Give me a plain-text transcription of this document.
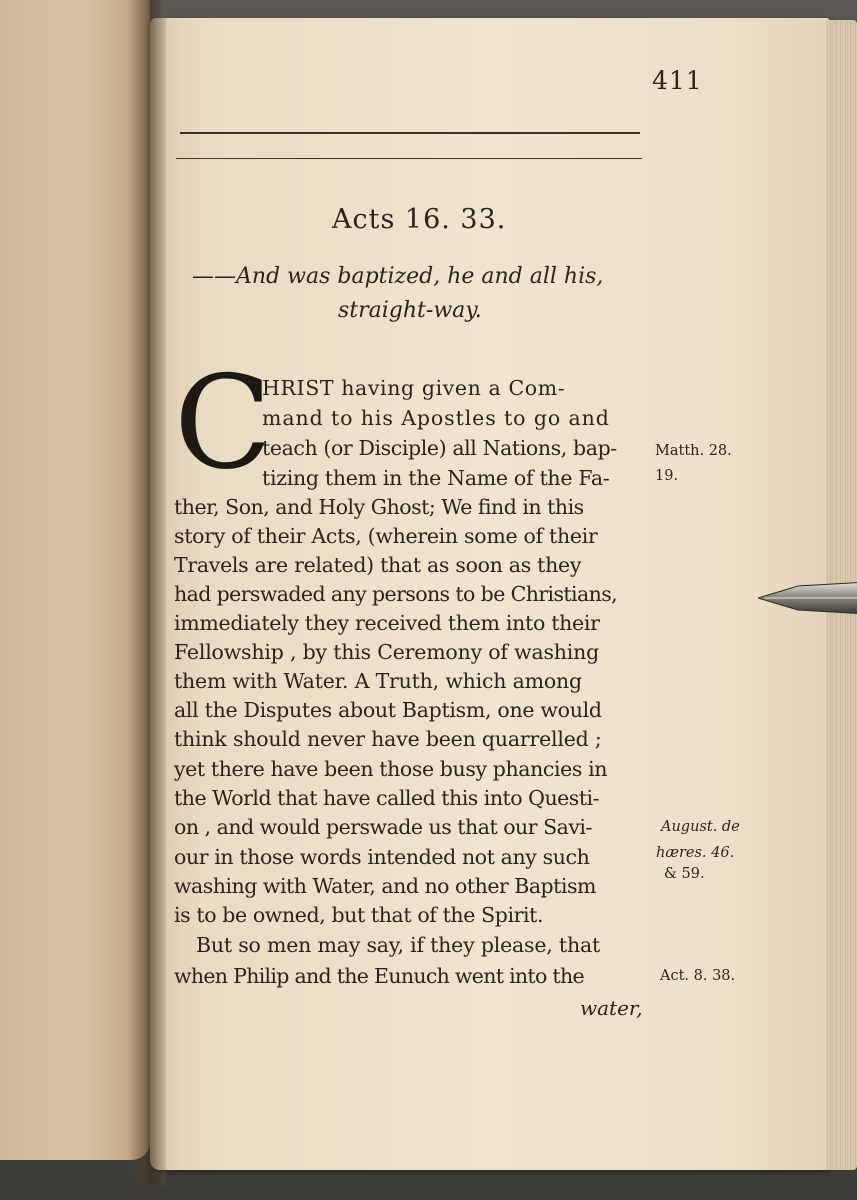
411
Acts 16. 33.
——And was baptized, he and all his,
straight-way.
C
HRIST having given a Com-
mand to his Apostles to go and
teach (or Disciple) all Nations, bap-
tizing them in the Name of the Fa-
ther, Son, and Holy Ghost; We find in this
story of their Acts, (wherein some of their
Travels are related) that as soon as they
had perswaded any persons to be Christians,
immediately they received them into their
Fellowship , by this Ceremony of washing
them with Water. A Truth, which among
all the Disputes about Baptism, one would
think should never have been quarrelled ;
yet there have been those busy phancies in
the World that have called this into Questi-
on , and would perswade us that our Savi-
our in those words intended not any such
washing with Water, and no other Baptism
is to be owned, but that of the Spirit.
But so men may say, if they please, that
when Philip and the Eunuch went into the
water,
Matth. 28.
19.
August. de
hæres. 46.
& 59.
Act. 8. 38.
